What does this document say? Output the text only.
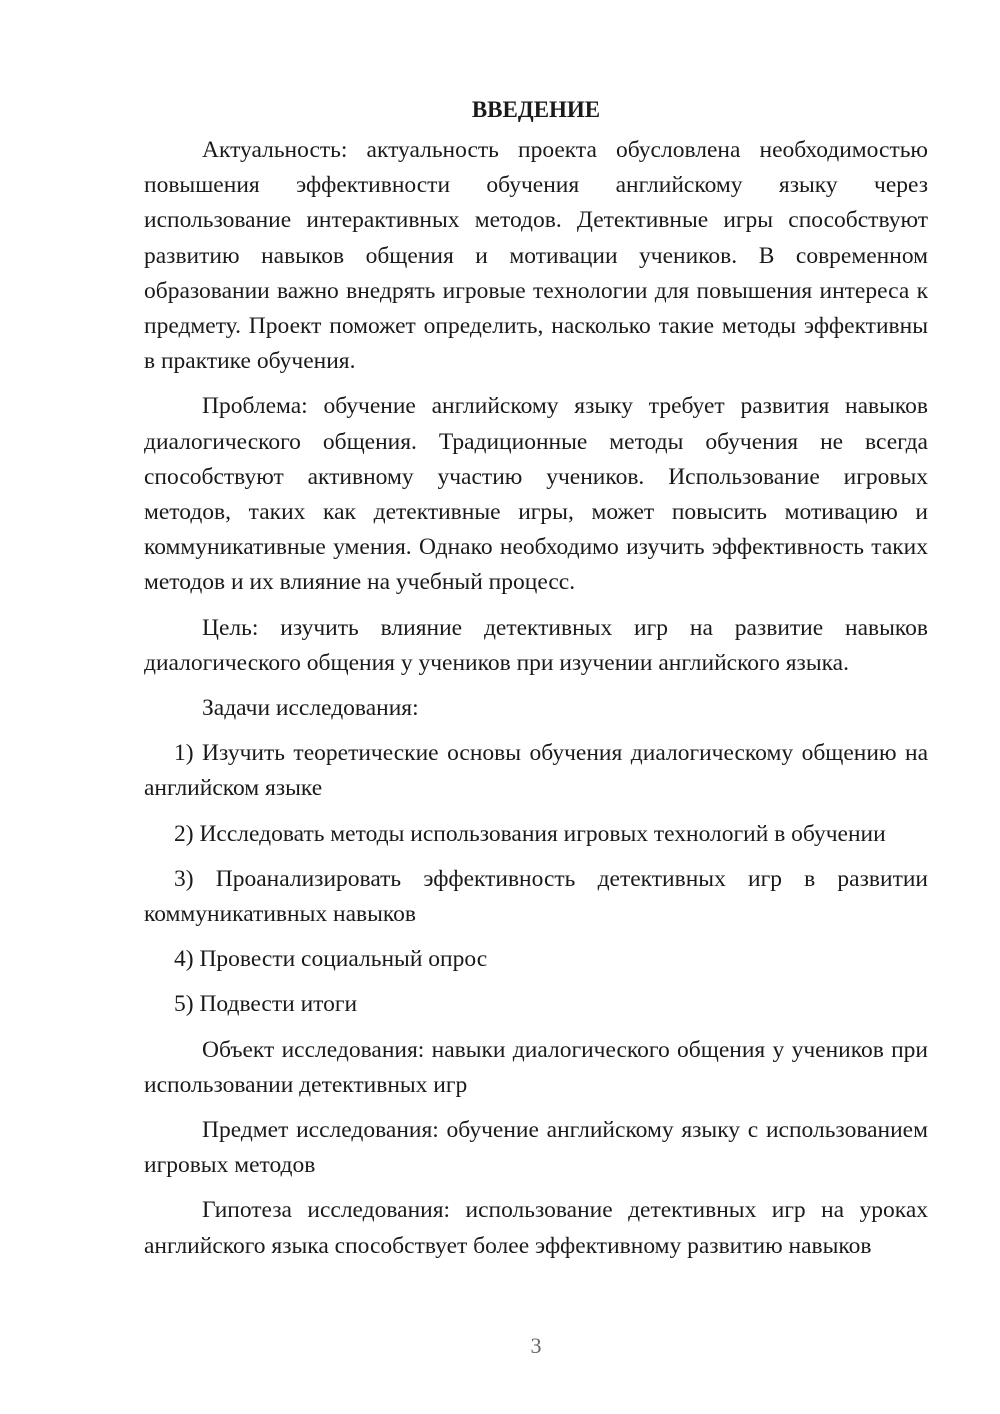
ВВЕДЕНИЕ

Актуальность: актуальность проекта обусловлена необходимостью повышения эффективности обучения английскому языку через использование интерактивных методов. Детективные игры способствуют развитию навыков общения и мотивации учеников. В современном образовании важно внедрять игровые технологии для повышения интереса к предмету. Проект поможет определить, насколько такие методы эффективны в практике обучения.

Проблема: обучение английскому языку требует развития навыков диалогического общения. Традиционные методы обучения не всегда способствуют активному участию учеников. Использование игровых методов, таких как детективные игры, может повысить мотивацию и коммуникативные умения. Однако необходимо изучить эффективность таких методов и их влияние на учебный процесс.

Цель: изучить влияние детективных игр на развитие навыков диалогического общения у учеников при изучении английского языка.

Задачи исследования:

1) Изучить теоретические основы обучения диалогическому общению на английском языке

2) Исследовать методы использования игровых технологий в обучении

3) Проанализировать эффективность детективных игр в развитии коммуникативных навыков

4) Провести социальный опрос

5) Подвести итоги

Объект исследования: навыки диалогического общения у учеников при использовании детективных игр

Предмет исследования: обучение английскому языку с использованием игровых методов

Гипотеза исследования: использование детективных игр на уроках английского языка способствует более эффективному развитию навыков

3
